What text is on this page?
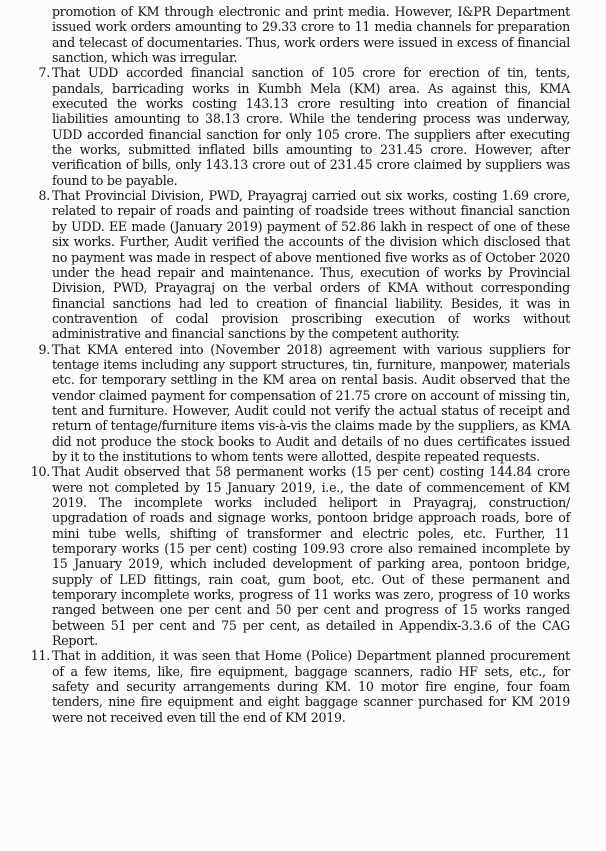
promotion of KM through electronic and print media. However, I&PR Department issued work orders amounting to 29.33 crore to 11 media channels for preparation and telecast of documentaries. Thus, work orders were issued in excess of financial sanction, which was irregular.

7. That UDD accorded financial sanction of 105 crore for erection of tin, tents, pandals, barricading works in Kumbh Mela (KM) area. As against this, KMA executed the works costing 143.13 crore resulting into creation of financial liabilities amounting to 38.13 crore. While the tendering process was underway, UDD accorded financial sanction for only 105 crore. The suppliers after executing the works, submitted inflated bills amounting to 231.45 crore. However, after verification of bills, only 143.13 crore out of 231.45 crore claimed by suppliers was found to be payable.
8. That Provincial Division, PWD, Prayagraj carried out six works, costing 1.69 crore, related to repair of roads and painting of roadside trees without financial sanction by UDD. EE made (January 2019) payment of 52.86 lakh in respect of one of these six works. Further, Audit verified the accounts of the division which disclosed that no payment was made in respect of above mentioned five works as of October 2020 under the head repair and maintenance. Thus, execution of works by Provincial Division, PWD, Prayagraj on the verbal orders of KMA without corresponding financial sanctions had led to creation of financial liability. Besides, it was in contravention of codal provision proscribing execution of works without administrative and financial sanctions by the competent authority.
9. That KMA entered into (November 2018) agreement with various suppliers for tentage items including any support structures, tin, furniture, manpower, materials etc. for temporary settling in the KM area on rental basis. Audit observed that the vendor claimed payment for compensation of 21.75 crore on account of missing tin, tent and furniture. However, Audit could not verify the actual status of receipt and return of tentage/furniture items vis-à-vis the claims made by the suppliers, as KMA did not produce the stock books to Audit and details of no dues certificates issued by it to the institutions to whom tents were allotted, despite repeated requests.
10. That Audit observed that 58 permanent works (15 per cent) costing 144.84 crore were not completed by 15 January 2019, i.e., the date of commencement of KM 2019. The incomplete works included heliport in Prayagraj, construction/ upgradation of roads and signage works, pontoon bridge approach roads, bore of mini tube wells, shifting of transformer and electric poles, etc. Further, 11 temporary works (15 per cent) costing 109.93 crore also remained incomplete by 15 January 2019, which included development of parking area, pontoon bridge, supply of LED fittings, rain coat, gum boot, etc. Out of these permanent and temporary incomplete works, progress of 11 works was zero, progress of 10 works ranged between one per cent and 50 per cent and progress of 15 works ranged between 51 per cent and 75 per cent, as detailed in Appendix-3.3.6 of the CAG Report.
11. That in addition, it was seen that Home (Police) Department planned procurement of a few items, like, fire equipment, baggage scanners, radio HF sets, etc., for safety and security arrangements during KM. 10 motor fire engine, four foam tenders, nine fire equipment and eight baggage scanner purchased for KM 2019 were not received even till the end of KM 2019.
